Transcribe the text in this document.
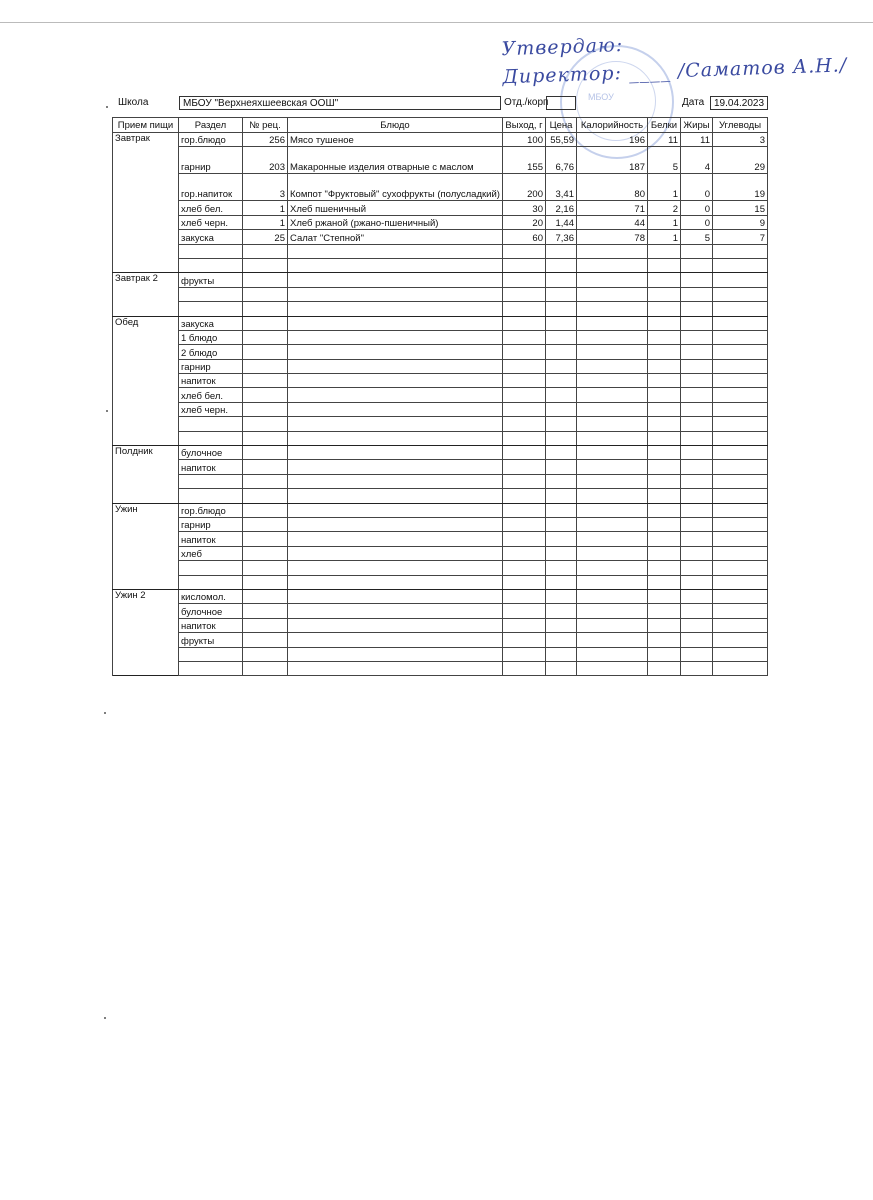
Утвердаю:
Директор: ____ /Саматов А.Н./
МБОУ
Школа	МБОУ "Верхнеяхшеевская ООШ"	Отд./корп	Дата 19.04.2023
Прием пищи	Раздел	№ рец.	Блюдо	Выход, г	Цена	Калорийность	Белки	Жиры	Углеводы
Завтрак	гор.блюдо	256	Мясо тушеное	100	55,59	196	11	11	3
	гарнир	203	Макаронные изделия отварные с маслом	155	6,76	187	5	4	29
	гор.напиток	3	Компот "Фруктовый" сухофрукты (полусладкий)	200	3,41	80	1	0	19
	хлеб бел.	1	Хлеб пшеничный	30	2,16	71	2	0	15
	хлеб черн.	1	Хлеб ржаной (ржано-пшеничный)	20	1,44	44	1	0	9
	закуска	25	Салат "Степной"	60	7,36	78	1	5	7

Завтрак 2	фрукты								

Обед	закуска								
	1 блюдо								
	2 блюдо								
	гарнир								
	напиток								
	хлеб бел.								
	хлеб черн.								

Полдник	булочное								
	напиток								

Ужин	гор.блюдо								
	гарнир								
	напиток								
	хлеб								

Ужин 2	кисломол.								
	булочное								
	напиток								
	фрукты								
